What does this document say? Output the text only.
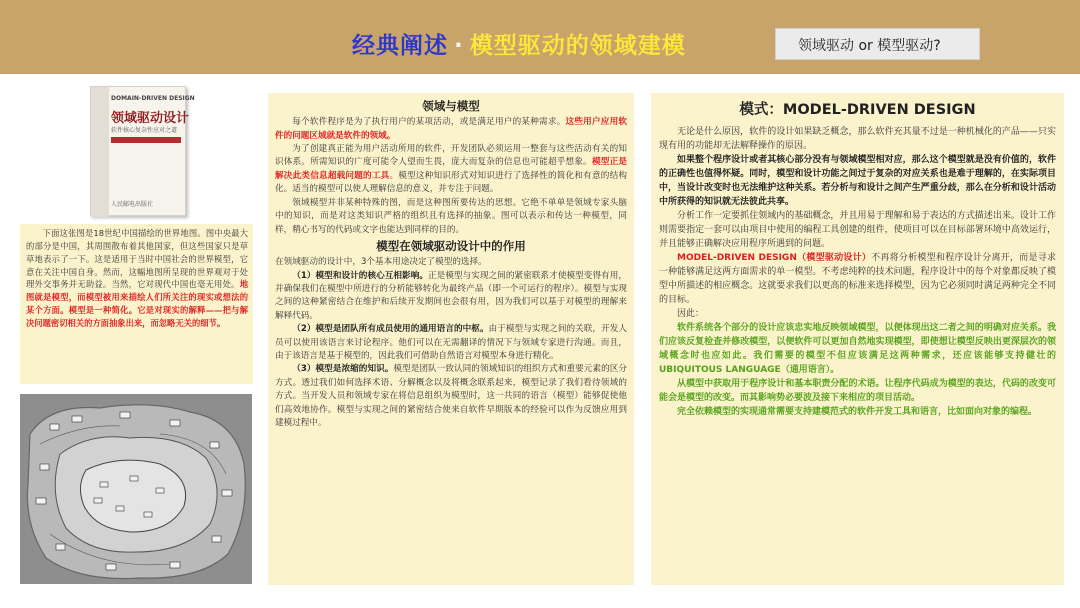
经典阐述 · 模型驱动的领域建模	领域驱动 or 模型驱动?
DOMAIN-DRIVEN DESIGN
领域驱动设计
软件核心复杂性应对之道
人民邮电出版社

下面这张图是18世纪中国描绘的世界地图。图中央最大的部分是中国，其周围散布着其他国家，但这些国家只是草草地表示了一下。这是适用于当时中国社会的世界模型，它意在关注中国自身。然而，这幅地图所呈现的世界观对于处理外交事务并无助益。当然，它对现代中国也毫无用处。地图就是模型，而模型被用来描绘人们所关注的现实或想法的某个方面。模型是一种简化。它是对现实的解释——把与解决问题密切相关的方面抽象出来，而忽略无关的细节。

领域与模型

每个软件程序是为了执行用户的某项活动，或是满足用户的某种需求。这些用户应用软件的问题区域就是软件的领域。

为了创建真正能为用户活动所用的软件，开发团队必须运用一整套与这些活动有关的知识体系。所需知识的广度可能令人望而生畏，庞大而复杂的信息也可能超乎想象。模型正是解决此类信息超载问题的工具。模型这种知识形式对知识进行了选择性的简化和有意的结构化。适当的模型可以使人理解信息的意义，并专注于问题。

领域模型并非某种特殊的图，而是这种图所要传达的思想。它绝不单单是领域专家头脑中的知识，而是对这类知识严格的组织且有选择的抽象。图可以表示和传达一种模型，同样，精心书写的代码或文字也能达到同样的目的。

模型在领域驱动设计中的作用

在领域驱动的设计中，3个基本用途决定了模型的选择。

（1）模型和设计的核心互相影响。正是模型与实现之间的紧密联系才使模型变得有用，并确保我们在模型中所进行的分析能够转化为最终产品（即一个可运行的程序）。模型与实现之间的这种紧密结合在维护和后续开发期间也会很有用，因为我们可以基于对模型的理解来解释代码。

（2）模型是团队所有成员使用的通用语言的中枢。由于模型与实现之间的关联，开发人员可以使用该语言来讨论程序。他们可以在无需翻译的情况下与领域专家进行沟通。而且，由于该语言是基于模型的，因此我们可借助自然语言对模型本身进行精化。

（3）模型是浓缩的知识。模型是团队一致认同的领域知识的组织方式和重要元素的区分方式。透过我们如何选择术语、分解概念以及将概念联系起来，模型记录了我们看待领域的方式。当开发人员和领域专家在将信息组织为模型时，这一共同的语言（模型）能够促使他们高效地协作。模型与实现之间的紧密结合使来自软件早期版本的经验可以作为反馈应用到建模过程中。

模式：MODEL-DRIVEN DESIGN

无论是什么原因，软件的设计如果缺乏概念，那么软件充其量不过是一种机械化的产品——只实现有用的功能却无法解释操作的原因。

如果整个程序设计或者其核心部分没有与领域模型相对应，那么这个模型就是没有价值的，软件的正确性也值得怀疑。同时，模型和设计功能之间过于复杂的对应关系也是难于理解的，在实际项目中，当设计改变时也无法维护这种关系。若分析与和设计之间产生严重分歧，那么在分析和设计活动中所获得的知识就无法彼此共享。

分析工作一定要抓住领域内的基础概念，并且用易于理解和易于表达的方式描述出来。设计工作则需要指定一套可以由项目中使用的编程工具创建的组件，使项目可以在目标部署环境中高效运行，并且能够正确解决应用程序所遇到的问题。

MODEL-DRIVEN DESIGN（模型驱动设计）不再将分析模型和程序设计分离开，而是寻求一种能够满足这两方面需求的单一模型。不考虑纯粹的技术问题，程序设计中的每个对象都反映了模型中所描述的相应概念。这就要求我们以更高的标准来选择模型，因为它必须同时满足两种完全不同的目标。

因此：

软件系统各个部分的设计应该忠实地反映领域模型，以便体现出这二者之间的明确对应关系。我们应该反复检查并修改模型，以便软件可以更加自然地实现模型，即使想让模型反映出更深层次的领域概念时也应如此。我们需要的模型不但应该满足这两种需求，还应该能够支持健壮的UBIQUITOUS LANGUAGE（通用语言）。

从模型中获取用于程序设计和基本职责分配的术语。让程序代码成为模型的表达，代码的改变可能会是模型的改变。而其影响势必要波及接下来相应的项目活动。

完全依赖模型的实现通常需要支持建模范式的软件开发工具和语言，比如面向对象的编程。
